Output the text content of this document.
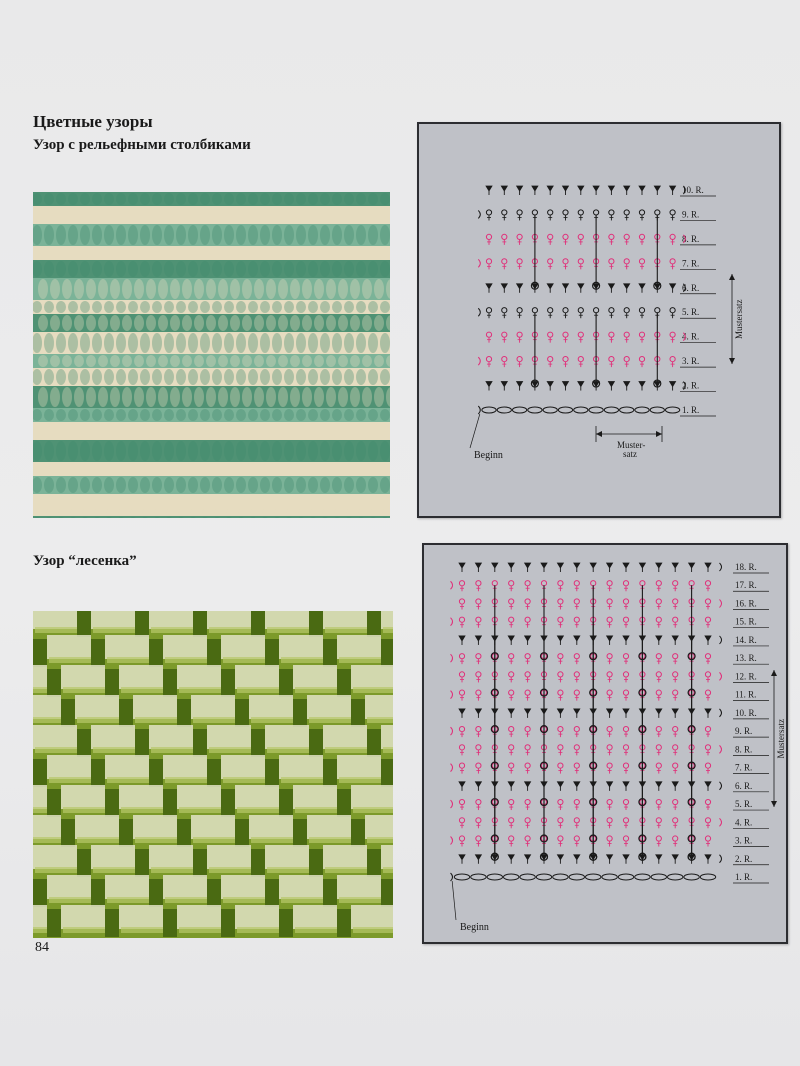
Цветные узоры
Узор с рельефными столбиками
10. R.
9. R.
8. R.
7. R.
6. R.
5. R.
4. R.
3. R.
2. R.
1. R.
Beginn
Mustersatz
Muster-
satz
Узор “лесенка”	18. R.
17. R.
16. R.
15. R.
14. R.
13. R.
12. R.
11. R.
10. R.
9. R.
8. R.
7. R.
6. R.
5. R.
4. R.
3. R.
2. R.
1. R.
Beginn
Mustersatz
84
